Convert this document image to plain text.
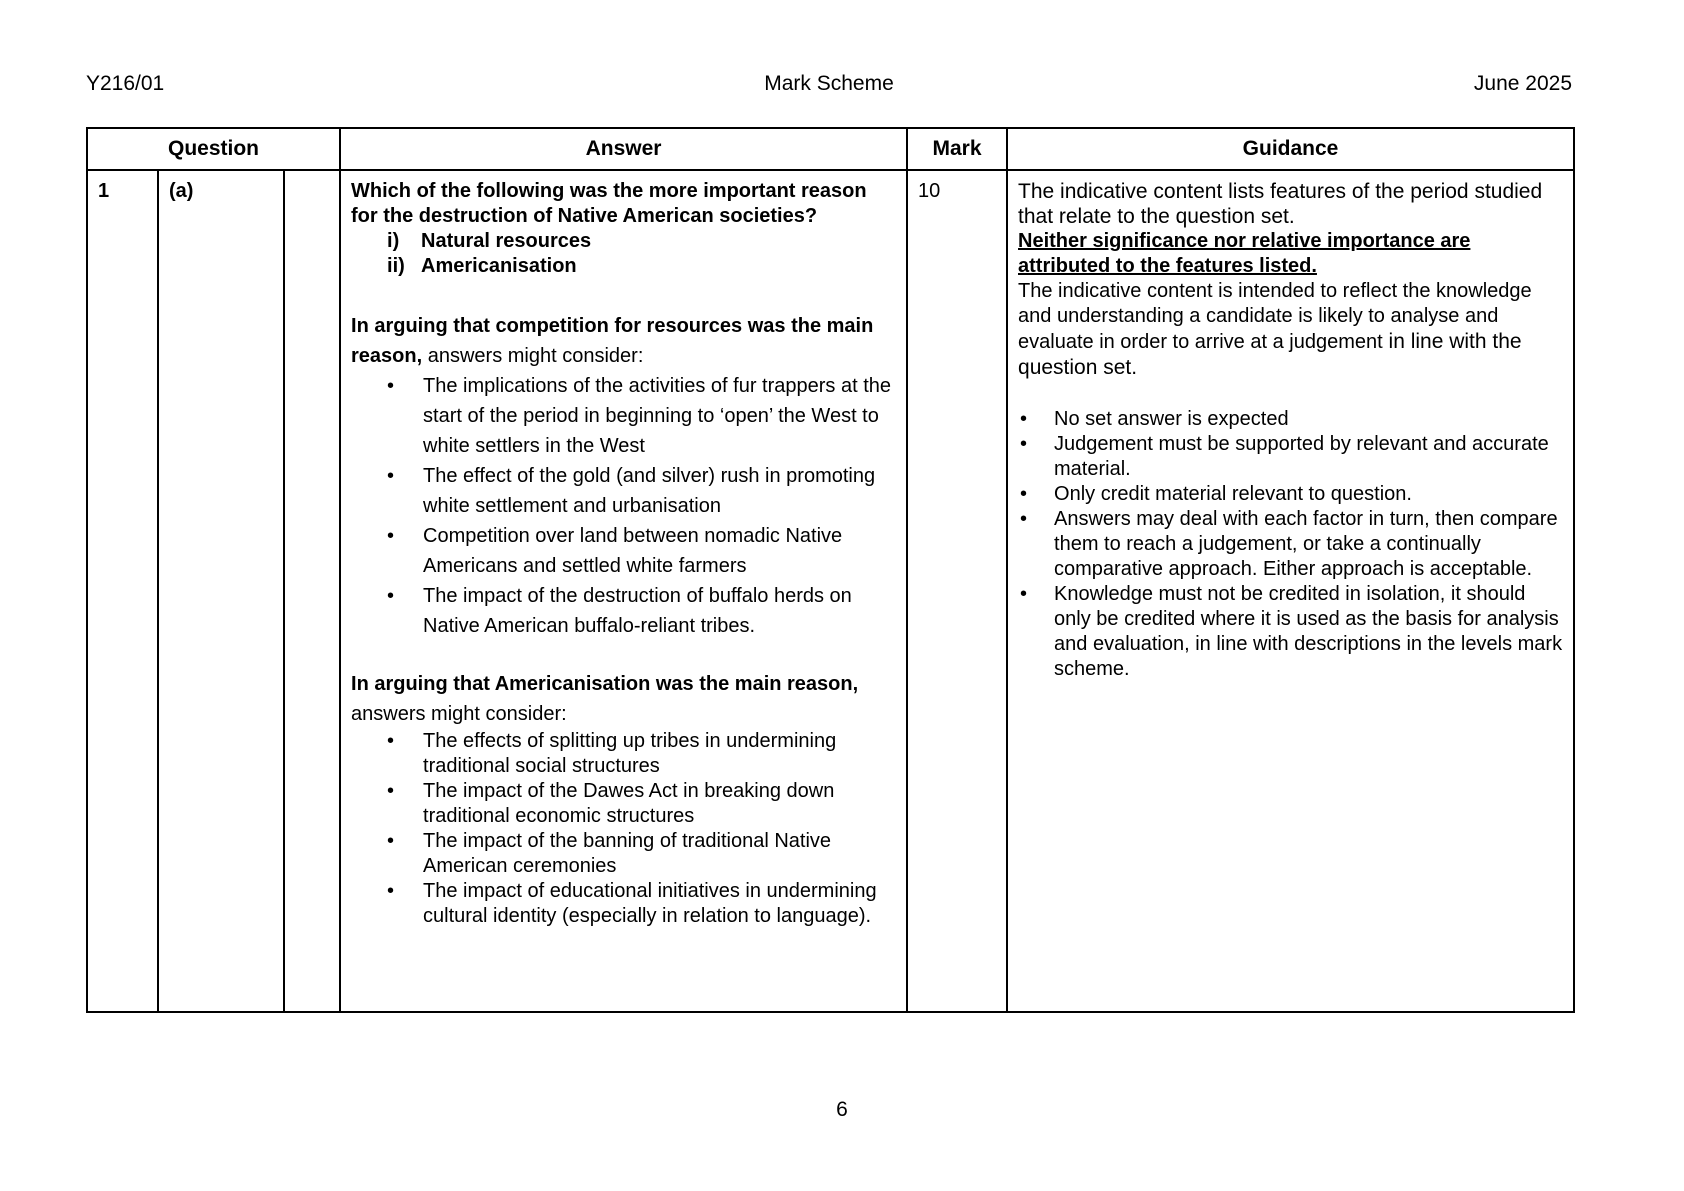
Y216/01	Mark Scheme	June 2025
Question			Answer	Mark	Guidance

1	(a)		Which of the following was the more important reason for the destruction of Native American societies?
i)	Natural resources
ii) Americanisation
In arguing that competition for resources was the main reason, answers might consider:
• The implications of the activities of fur trappers at the start of the period in beginning to ‘open’ the West to white settlers in the West
• The effect of the gold (and silver) rush in promoting white settlement and urbanisation
• Competition over land between nomadic Native Americans and settled white farmers
• The impact of the destruction of buffalo herds on Native American buffalo-reliant tribes.
In arguing that Americanisation was the main reason, answers might consider:
• The effects of splitting up tribes in undermining traditional social structures
• The impact of the Dawes Act in breaking down traditional economic structures
• The impact of the banning of traditional Native American ceremonies
• The impact of educational initiatives in undermining cultural identity (especially in relation to language).

10	The indicative content lists features of the period studied that relate to the question set.
Neither significance nor relative importance are attributed to the features listed.
The indicative content is intended to reflect the knowledge and understanding a candidate is likely to analyse and evaluate in order to arrive at a judgement in line with the question set.
• No set answer is expected
• Judgement must be supported by relevant and accurate material.
• Only credit material relevant to question.
• Answers may deal with each factor in turn, then compare them to reach a judgement, or take a continually comparative approach. Either approach is acceptable.
• Knowledge must not be credited in isolation, it should only be credited where it is used as the basis for analysis and evaluation, in line with descriptions in the levels mark scheme.
6
